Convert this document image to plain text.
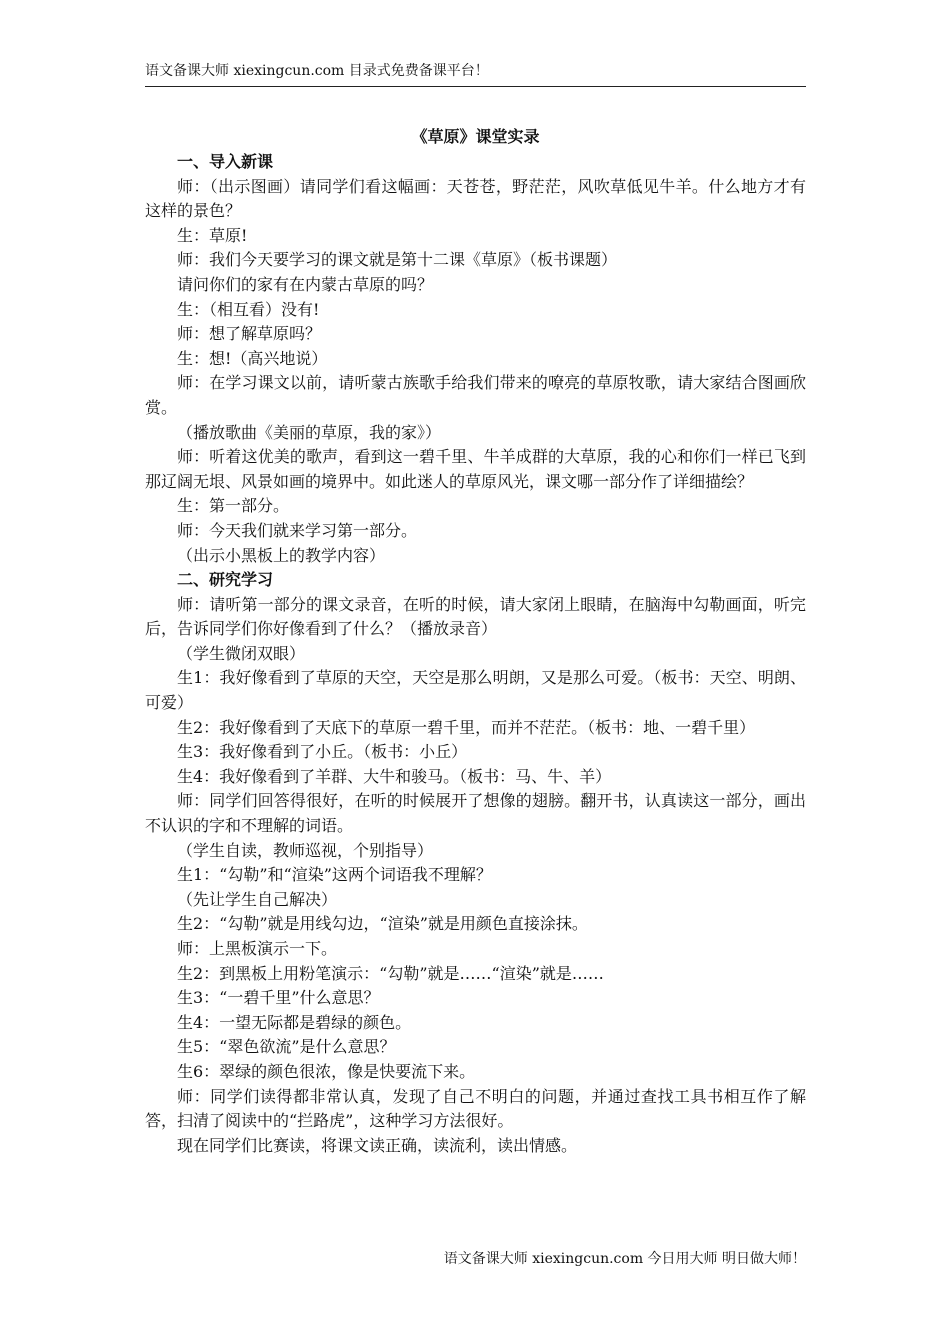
语文备课大师 xiexingcun.com 目录式免费备课平台！
《草原》课堂实录

一、导入新课

师：（出示图画）请同学们看这幅画：天苍苍，野茫茫，风吹草低见牛羊。什么地方才有这样的景色？

生：草原!

师：我们今天要学习的课文就是第十二课《草原》（板书课题）

请问你们的家有在内蒙古草原的吗？

生：（相互看）没有!

师：想了解草原吗？

生：想!（高兴地说）

师：在学习课文以前，请听蒙古族歌手给我们带来的嘹亮的草原牧歌，请大家结合图画欣赏。

（播放歌曲《美丽的草原，我的家》）

师：听着这优美的歌声，看到这一碧千里、牛羊成群的大草原，我的心和你们一样已飞到那辽阔无垠、风景如画的境界中。如此迷人的草原风光，课文哪一部分作了详细描绘？

生：第一部分。

师：今天我们就来学习第一部分。

（出示小黑板上的教学内容）

二、研究学习

师：请听第一部分的课文录音，在听的时候，请大家闭上眼睛，在脑海中勾勒画面，听完后，告诉同学们你好像看到了什么？（播放录音）

（学生微闭双眼）

生1：我好像看到了草原的天空，天空是那么明朗，又是那么可爱。（板书：天空、明朗、可爱）

生2：我好像看到了天底下的草原一碧千里，而并不茫茫。（板书：地、一碧千里）

生3：我好像看到了小丘。（板书：小丘）

生4：我好像看到了羊群、大牛和骏马。（板书：马、牛、羊）

师：同学们回答得很好，在听的时候展开了想像的翅膀。翻开书，认真读这一部分，画出不认识的字和不理解的词语。

（学生自读，教师巡视，个别指导）

生1：“勾勒”和“渲染”这两个词语我不理解？

（先让学生自己解决）

生2：“勾勒”就是用线勾边，“渲染”就是用颜色直接涂抹。

师：上黑板演示一下。

生2：到黑板上用粉笔演示：“勾勒”就是……“渲染”就是……

生3：“一碧千里”什么意思？

生4：一望无际都是碧绿的颜色。

生5：“翠色欲流”是什么意思？

生6：翠绿的颜色很浓，像是快要流下来。

师：同学们读得都非常认真，发现了自己不明白的问题，并通过查找工具书相互作了解答，扫清了阅读中的“拦路虎”，这种学习方法很好。

现在同学们比赛读，将课文读正确，读流利，读出情感。

语文备课大师 xiexingcun.com 今日用大师 明日做大师！
